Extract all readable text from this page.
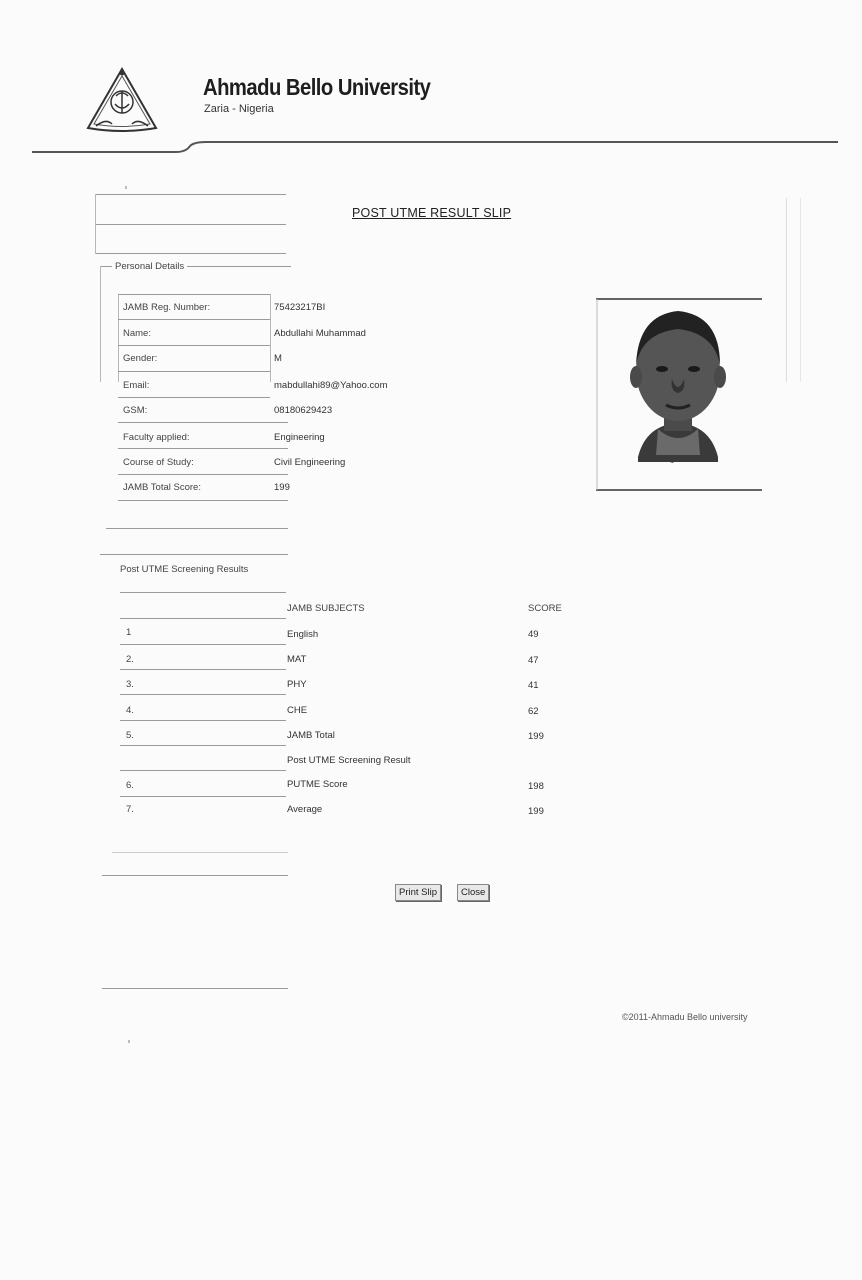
Ahmadu Bello University
Zaria - Nigeria
POST UTME RESULT SLIP
Personal Details
JAMB Reg. Number:	75423217BI
Name:	Abdullahi Muhammad
Gender:	M
Email:	mabdullahi89@Yahoo.com
GSM:	08180629423
Faculty applied:	Engineering
Course of Study:	Civil Engineering
JAMB Total Score:	199
α
Post UTME Screening Results
JAMB SUBJECTS	SCORE
1	English	49
2.	MAT	47
3.	PHY	41
4.	CHE	62
5.	JAMB Total	199
Post UTME Screening Result
6.	PUTME Score	198
7.	Average	199
Print Slip	Close
©2011-Ahmadu Bello university
